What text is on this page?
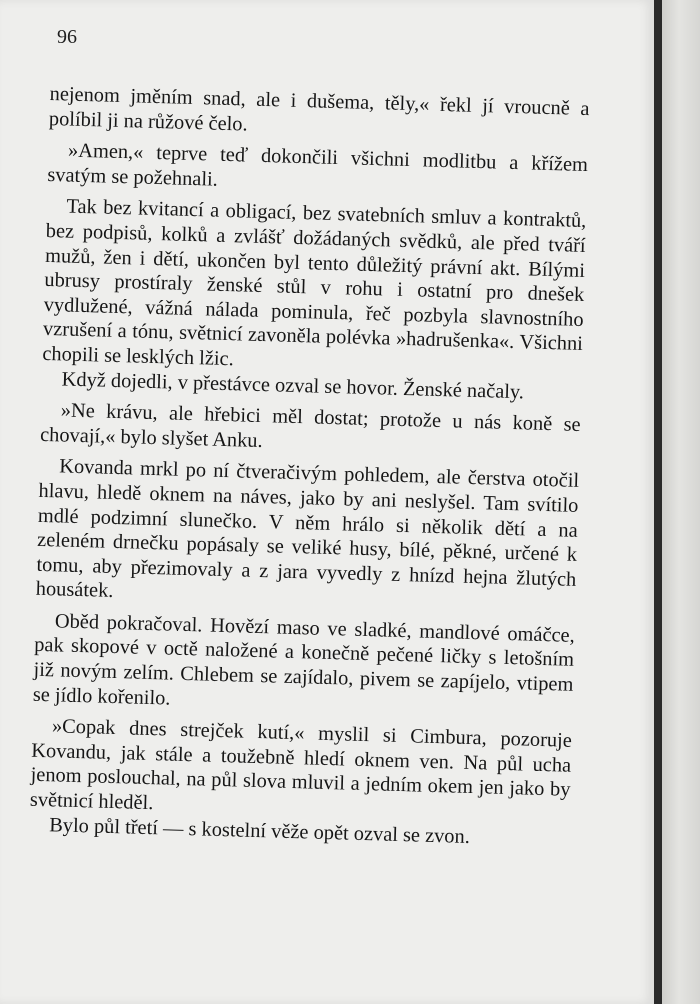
96

nejenom jměním snad, ale i dušema, těly,« řekl jí vroucně a políbil ji na růžové čelo.

»Amen,« teprve teď dokončili všichni modlitbu a křížem svatým se požehnali.

Tak bez kvitancí a obligací, bez svatebních smluv a kontraktů, bez podpisů, kolků a zvlášť dožádaných svědků, ale před tváří mužů, žen i dětí, ukončen byl tento důležitý právní akt. Bílými ubrusy prostíraly ženské stůl v rohu i ostatní pro dnešek vydlužené, vážná nálada pominula, řeč pozbyla slavnostního vzrušení a tónu, světnicí zavoněla polévka »hadrušenka«. Všichni chopili se lesklých lžic.

Když dojedli, v přestávce ozval se hovor. Ženské načaly.

»Ne krávu, ale hřebici měl dostat; protože u nás koně se chovají,« bylo slyšet Anku.

Kovanda mrkl po ní čtveračivým pohledem, ale čerstva otočil hlavu, hledě oknem na náves, jako by ani neslyšel. Tam svítilo mdlé podzimní slunečko. V něm hrálo si několik dětí a na zeleném drnečku popásaly se veliké husy, bílé, pěkné, určené k tomu, aby přezimovaly a z jara vyvedly z hnízd hejna žlutých housátek.

Oběd pokračoval. Hovězí maso ve sladké, mandlové omáčce, pak skopové v octě naložené a konečně pečené ličky s letošním již novým zelím. Chlebem se zajídalo, pivem se zapíjelo, vtipem se jídlo kořenilo.

»Copak dnes strejček kutí,« myslil si Cimbura, pozoruje Kovandu, jak stále a toužebně hledí oknem ven. Na půl ucha jenom poslouchal, na půl slova mluvil a jedním okem jen jako by světnicí hleděl.

Bylo půl třetí — s kostelní věže opět ozval se zvon.
